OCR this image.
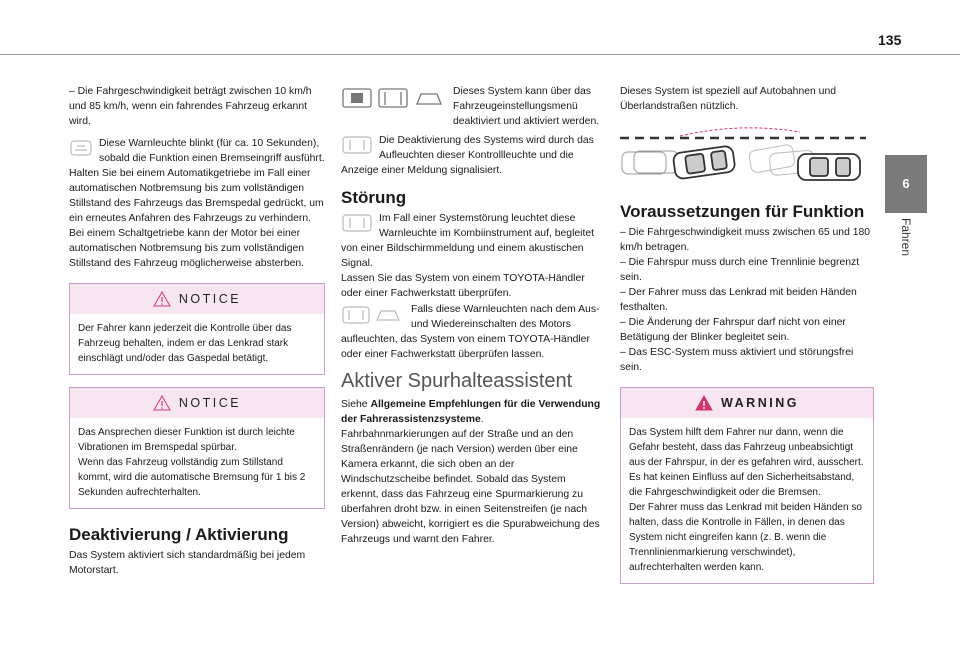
135
6
Fahren

– Die Fahrgeschwindigkeit beträgt zwischen 10 km/h und 85 km/h, wenn ein fahrendes Fahrzeug erkannt wird.

Diese Warnleuchte blinkt (für ca. 10 Sekunden), sobald die Funktion einen Bremseingriff ausführt.

Halten Sie bei einem Automatikgetriebe im Fall einer automatischen Notbremsung bis zum vollständigen Stillstand des Fahrzeugs das Bremspedal gedrückt, um ein erneutes Anfahren des Fahrzeugs zu verhindern.

Bei einem Schaltgetriebe kann der Motor bei einer automatischen Notbremsung bis zum vollständigen Stillstand des Fahrzeug möglicherweise absterben.

NOTICE
Der Fahrer kann jederzeit die Kontrolle über das Fahrzeug behalten, indem er das Lenkrad stark einschlägt und/oder das Gaspedal betätigt.
NOTICE
Das Ansprechen dieser Funktion ist durch leichte Vibrationen im Bremspedal spürbar.
Wenn das Fahrzeug vollständig zum Stillstand kommt, wird die automatische Bremsung für 1 bis 2 Sekunden aufrechterhalten.
Deaktivierung / Aktivierung

Das System aktiviert sich standardmäßig bei jedem Motorstart.

Dieses System kann über das Fahrzeugeinstellungsmenü deaktiviert und aktiviert werden.

Die Deaktivierung des Systems wird durch das Aufleuchten dieser Kontrollleuchte und die Anzeige einer Meldung signalisiert.

Störung

Im Fall einer Systemstörung leuchtet diese Warnleuchte im Kombiinstrument auf, begleitet von einer Bildschirmmeldung und einem akustischen Signal.

Lassen Sie das System von einem TOYOTA-Händler oder einer Fachwerkstatt überprüfen.

Falls diese Warnleuchten nach dem Aus- und Wiedereinschalten des Motors aufleuchten, das System von einem TOYOTA-Händler oder einer Fachwerkstatt überprüfen lassen.

Aktiver Spurhalteassistent

Siehe Allgemeine Empfehlungen für die Verwendung der Fahrerassistenzsysteme.

Fahrbahnmarkierungen auf der Straße und an den Straßenrändern (je nach Version) werden über eine Kamera erkannt, die sich oben an der Windschutzscheibe befindet. Sobald das System erkennt, dass das Fahrzeug eine Spurmarkierung zu überfahren droht bzw. in einen Seitenstreifen (je nach Version) abweicht, korrigiert es die Spurabweichung des Fahrzeugs und warnt den Fahrer.

Dieses System ist speziell auf Autobahnen und Überlandstraßen nützlich.

Voraussetzungen für Funktion

– Die Fahrgeschwindigkeit muss zwischen 65 und 180 km/h betragen.

– Die Fahrspur muss durch eine Trennlinie begrenzt sein.

– Der Fahrer muss das Lenkrad mit beiden Händen festhalten.

– Die Änderung der Fahrspur darf nicht von einer Betätigung der Blinker begleitet sein.

– Das ESC-System muss aktiviert und störungsfrei sein.

WARNING
Das System hilft dem Fahrer nur dann, wenn die Gefahr besteht, dass das Fahrzeug unbeabsichtigt aus der Fahrspur, in der es gefahren wird, ausschert. Es hat keinen Einfluss auf den Sicherheitsabstand, die Fahrgeschwindigkeit oder die Bremsen.
Der Fahrer muss das Lenkrad mit beiden Händen so halten, dass die Kontrolle in Fällen, in denen das System nicht eingreifen kann (z. B. wenn die Trennlinienmarkierung verschwindet), aufrechterhalten werden kann.
